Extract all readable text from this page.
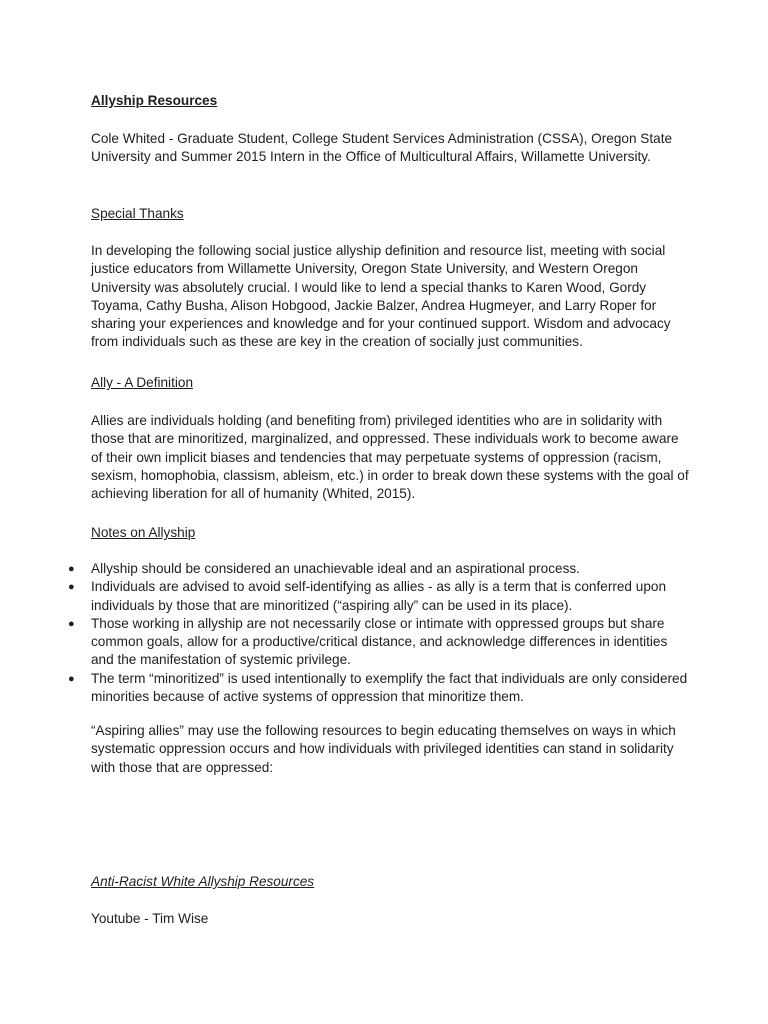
Allyship Resources

Cole Whited - Graduate Student, College Student Services Administration (CSSA), Oregon State University and Summer 2015 Intern in the Office of Multicultural Affairs, Willamette University.

Special Thanks

In developing the following social justice allyship definition and resource list, meeting with social justice educators from Willamette University, Oregon State University, and Western Oregon University was absolutely crucial. I would like to lend a special thanks to Karen Wood, Gordy Toyama, Cathy Busha, Alison Hobgood, Jackie Balzer, Andrea Hugmeyer, and Larry Roper for sharing your experiences and knowledge and for your continued support. Wisdom and advocacy from individuals such as these are key in the creation of socially just communities.

Ally - A Definition

Allies are individuals holding (and benefiting from) privileged identities who are in solidarity with those that are minoritized, marginalized, and oppressed. These individuals work to become aware of their own implicit biases and tendencies that may perpetuate systems of oppression (racism, sexism, homophobia, classism, ableism, etc.) in order to break down these systems with the goal of achieving liberation for all of humanity (Whited, 2015).

Notes on Allyship

● Allyship should be considered an unachievable ideal and an aspirational process.
● Individuals are advised to avoid self-identifying as allies - as ally is a term that is conferred upon individuals by those that are minoritized (“aspiring ally” can be used in its place).
● Those working in allyship are not necessarily close or intimate with oppressed groups but share common goals, allow for a productive/critical distance, and acknowledge differences in identities and the manifestation of systemic privilege.
● The term “minoritized” is used intentionally to exemplify the fact that individuals are only considered minorities because of active systems of oppression that minoritize them.

“Aspiring allies” may use the following resources to begin educating themselves on ways in which systematic oppression occurs and how individuals with privileged identities can stand in solidarity with those that are oppressed:

Anti-Racist White Allyship Resources

Youtube - Tim Wise
